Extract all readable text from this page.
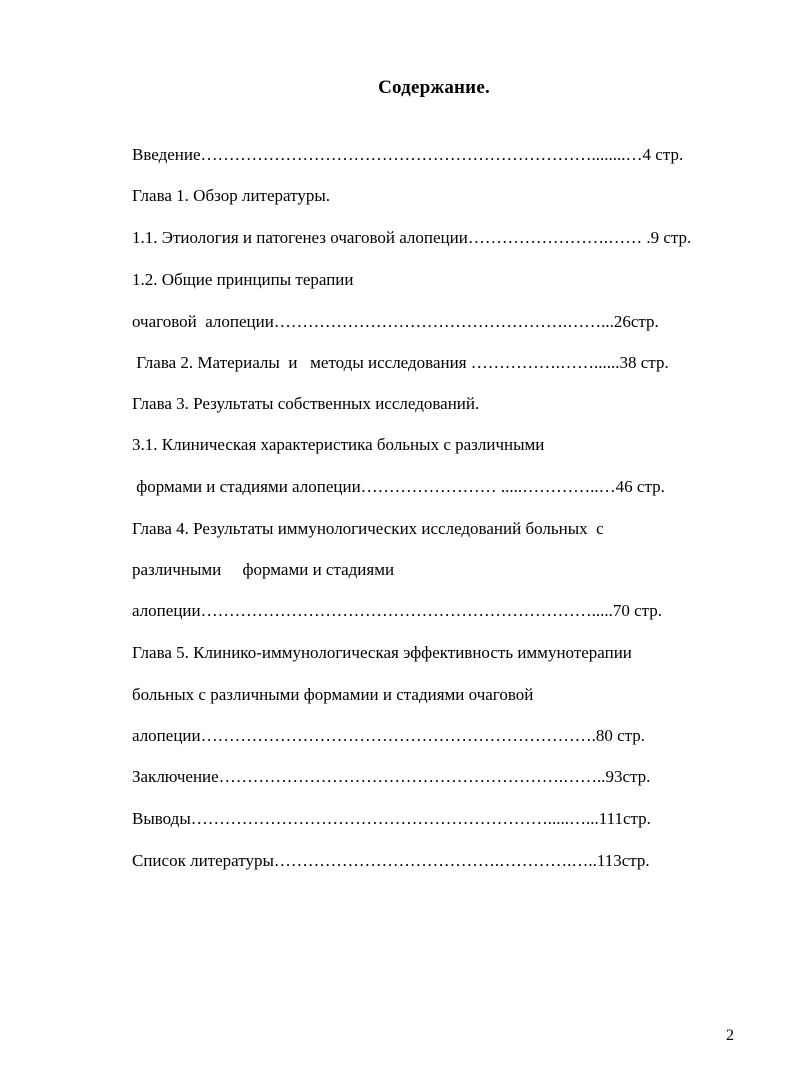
Содержание.
Введение……………………………………………………………........…4 стр.
Глава 1. Обзор литературы.
1.1. Этиология и патогенез очаговой алопеции…………………….…… .9 стр.
1.2. Общие принципы терапии
очаговой  алопеции…………………………………………….……...26стр.
Глава 2. Материалы  и   методы исследования …………….……......38 стр.
Глава 3. Результаты собственных исследований.
3.1. Клиническая характеристика больных с различными
формами и стадиями алопеции…………………… .....…………..…46 стр.
Глава 4. Результаты иммунологических исследований больных  с
различными     формами и стадиями
алопеции…………………………………………………………….....70 стр.
Глава 5. Клинико-иммунологическая эффективность иммунотерапии
больных с различными формамии и стадиями очаговой
алопеции…………………………………………………………….80 стр.
Заключение…………………………………………………….……..93стр.
Выводы……………………………………………………….....…...111стр.
Список литературы………………………………….………….…..113стр.
2
